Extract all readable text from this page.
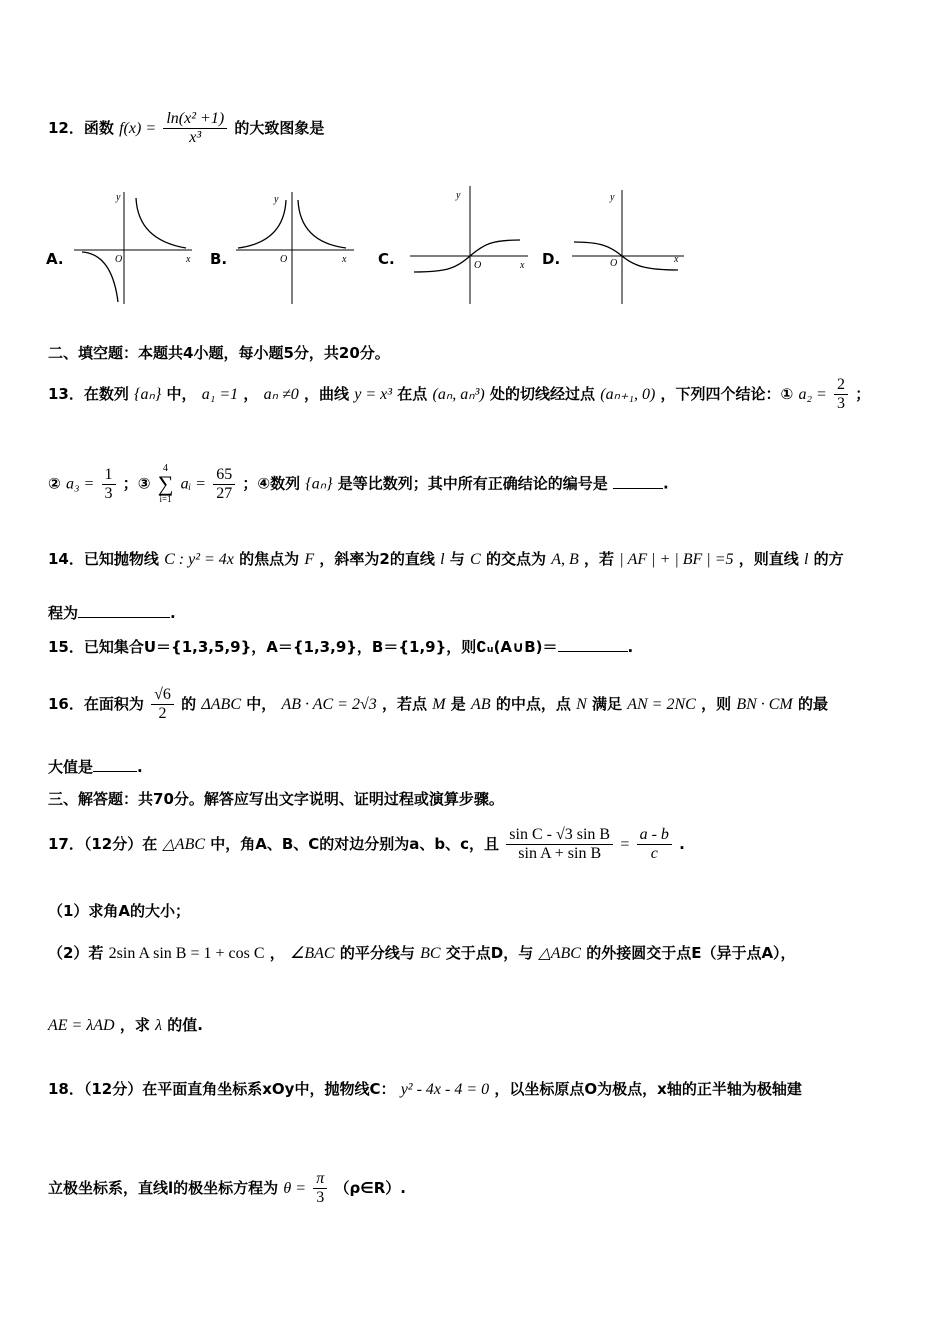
12．函数 $f(x) = \frac{\text{ln(x² +1)}}{\text{x³}}$ 的大致图象是
A.
y
x
O	B.
y
x
O	C.
y
x
O	D.
y
x
O
二、填空题：本题共4小题，每小题5分，共20分。
13．在数列 {aₙ} 中， a₁ =1 ， aₙ ≠0 ，曲线 y = x³ 在点 (aₙ, aₙ³) 处的切线经过点 (aₙ₊₁, 0) ，下列四个结论：① $a_2 = \frac{2}{3}$ ；
② $a_3 = \frac{1}{3}$ ；③
4
∑
i=1
aᵢ = $\frac{65}{27}$ ；④数列 {aₙ} 是等比数列；其中所有正确结论的编号是	.
14．已知抛物线 C : y² = 4x 的焦点为 F ，斜率为2的直线 l 与 C 的交点为 A, B ，若 | AF | + | BF | =5 ，则直线 l 的方
程为	.
15．已知集合U＝{1,3,5,9}，A＝{1,3,9}，B＝{1,9}，则∁ᵤ(A∪B)＝	.
16．在面积为 $\frac{√6}{2}$ 的 ΔABC 中， AB · AC = 2√3 ，若点 M 是 AB 的中点，点 N 满足 AN = 2NC ，则 BN · CM 的最
大值是	.
三、解答题：共70分。解答应写出文字说明、证明过程或演算步骤。
17．（12分）在 △ABC 中，角A、B、C的对边分别为a、b、c，且 $\frac{\text{sin C - √3 sin B}}{\text{sin A + sin B}} = \frac{a - b}{c}$ .
（1）求角A的大小；
（2）若 2sin A sin B = 1 + cos C ， ∠BAC 的平分线与 BC 交于点D，与 △ABC 的外接圆交于点E（异于点A），
AE = λAD ，求 λ 的值.
18．（12分）在平面直角坐标系xOy中，抛物线C： y² - 4x - 4 = 0 ，以坐标原点O为极点，x轴的正半轴为极轴建
立极坐标系，直线l的极坐标方程为 $\theta = \frac{\pi}{3}$ （ρ∈R）.
